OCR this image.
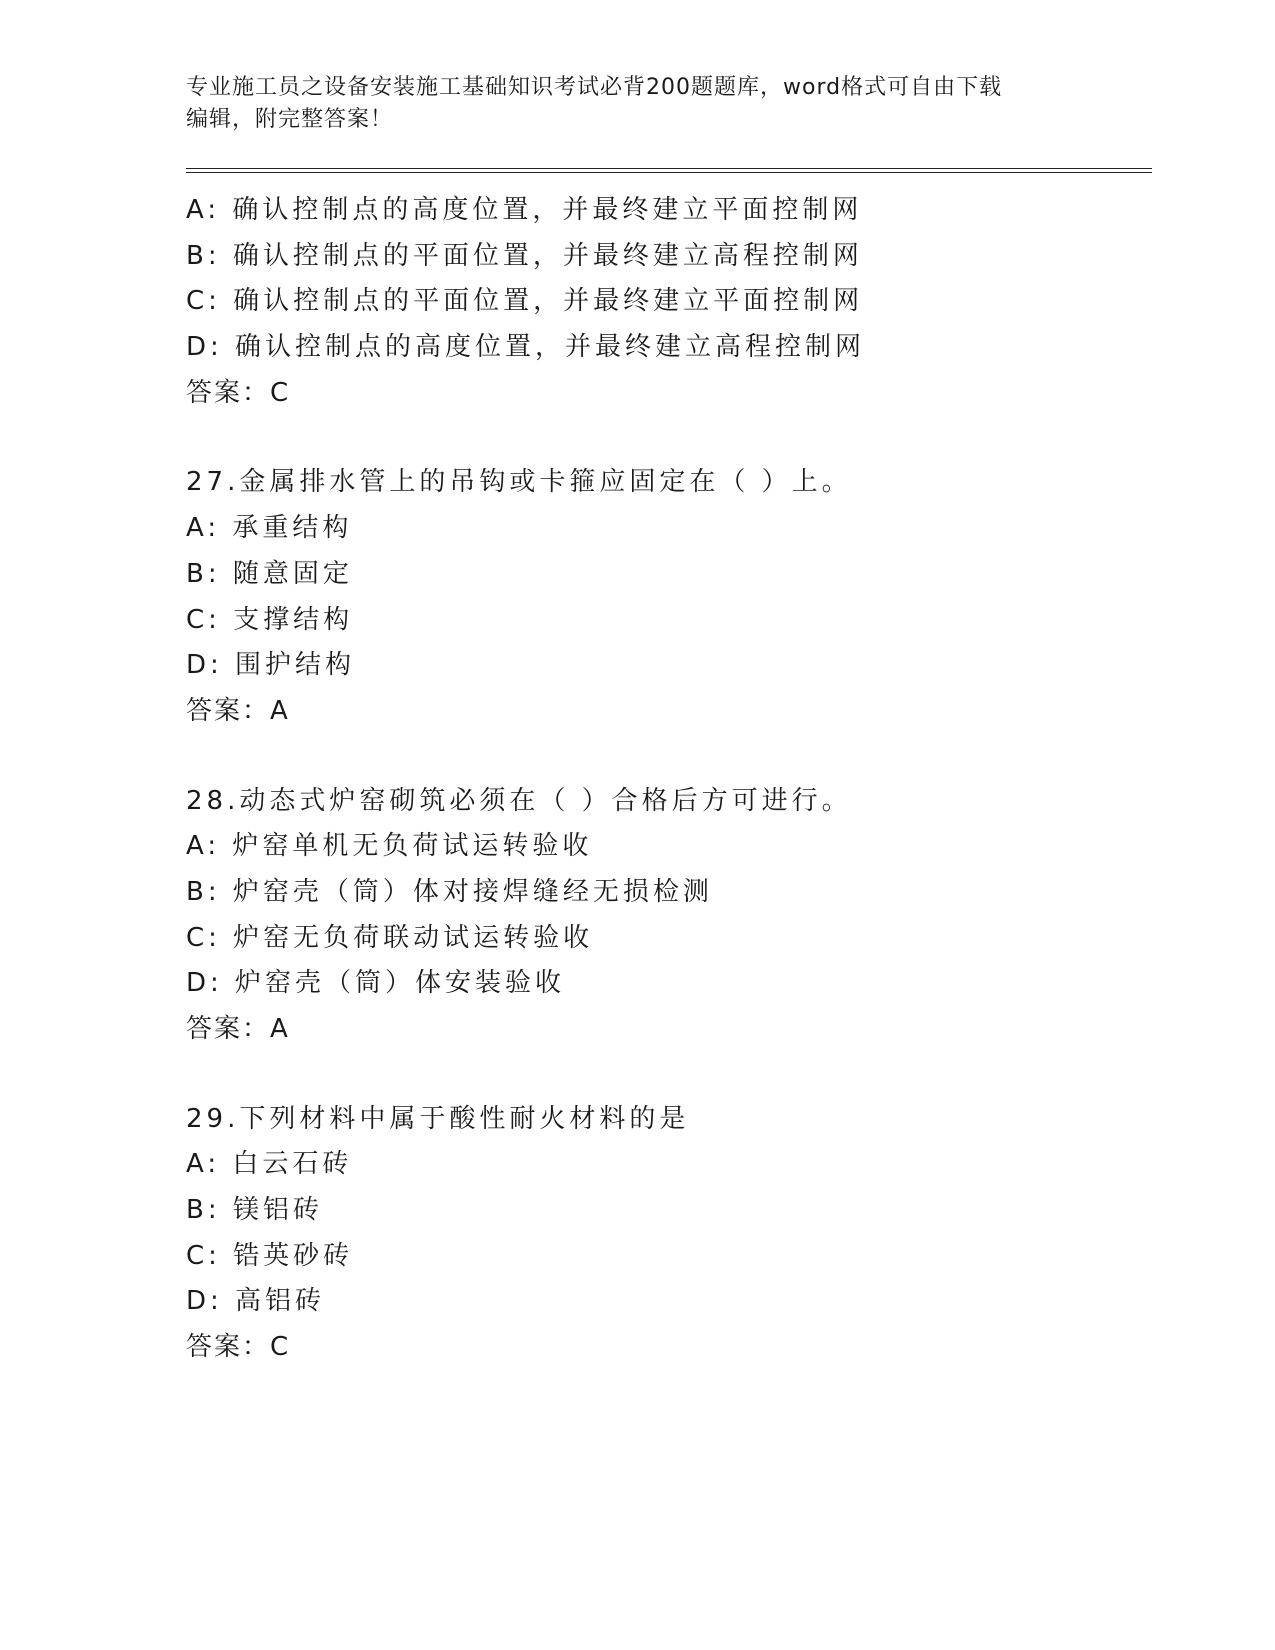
专业施工员之设备安装施工基础知识考试必背200题题库，word格式可自由下载
编辑，附完整答案！
A: 确认控制点的高度位置，并最终建立平面控制网
B: 确认控制点的平面位置，并最终建立高程控制网
C: 确认控制点的平面位置，并最终建立平面控制网
D: 确认控制点的高度位置，并最终建立高程控制网
答案：C
27.金属排水管上的吊钩或卡箍应固定在（ ）上。
A: 承重结构
B: 随意固定
C: 支撑结构
D: 围护结构
答案：A
28.动态式炉窑砌筑必须在（ ）合格后方可进行。
A: 炉窑单机无负荷试运转验收
B: 炉窑壳（筒）体对接焊缝经无损检测
C: 炉窑无负荷联动试运转验收
D: 炉窑壳（筒）体安装验收
答案：A
29.下列材料中属于酸性耐火材料的是
A: 白云石砖
B: 镁铝砖
C: 锆英砂砖
D: 高铝砖
答案：C
